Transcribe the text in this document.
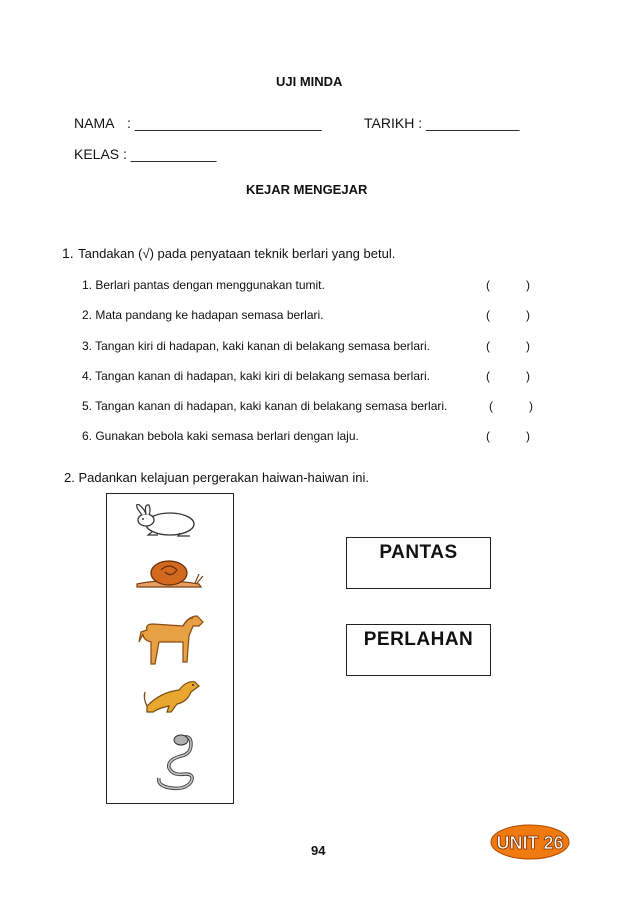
UJI MINDA
NAMA : ________________________	TARIKH : ____________
KELAS : ___________
KEJAR MENGEJAR
1. Tandakan (√) pada penyataan teknik berlari yang betul.
1. Berlari pantas dengan menggunakan tumit.	(	)
2. Mata pandang ke hadapan semasa berlari.	(	)
3. Tangan kiri di hadapan, kaki kanan di belakang semasa berlari.	(	)
4. Tangan kanan di hadapan, kaki kiri di belakang semasa berlari.	(	)
5. Tangan kanan di hadapan, kaki kanan di belakang semasa berlari.	(	)
6. Gunakan bebola kaki semasa berlari dengan laju.	(	)
2. Padankan kelajuan pergerakan haiwan-haiwan ini.
PANTAS
PERLAHAN
94	UNIT 26
